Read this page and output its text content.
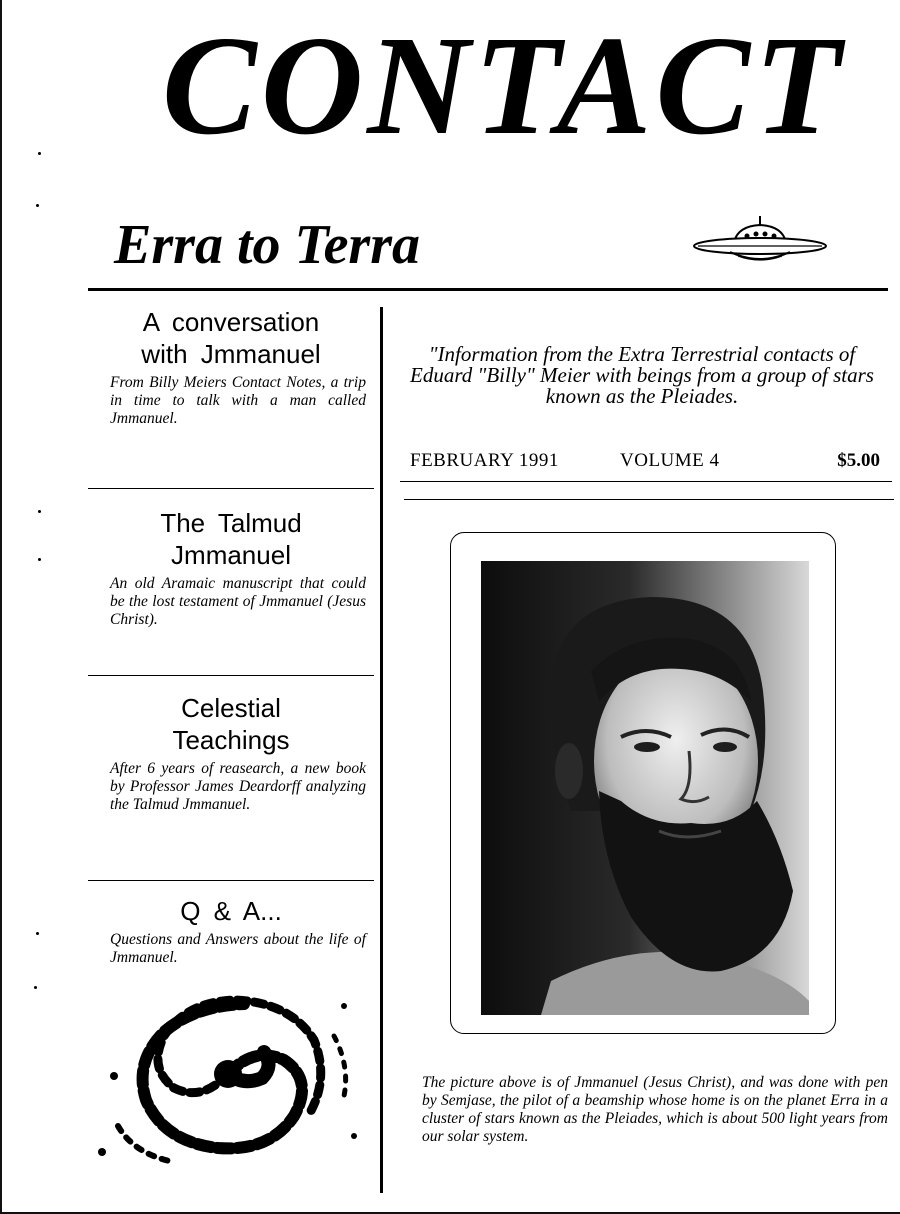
CONTACT
Erra to Terra
A conversation with Jmmanuel
From Billy Meiers Contact Notes, a trip in time to talk with a man called Jmmanuel.
The Talmud Jmmanuel
An old Aramaic manuscript that could be the lost testament of Jmmanuel (Jesus Christ).
Celestial Teachings
After 6 years of reasearch, a new book by Professor James Deardorff analyzing the Talmud Jmmanuel.
Q & A...
Questions and Answers about the life of Jmmanuel.
"Information from the Extra Terrestrial contacts of Eduard "Billy" Meier with beings from a group of stars known as the Pleiades.
FEBRUARY 1991	VOLUME 4	$5.00
The picture above is of Jmmanuel (Jesus Christ), and was done with pen by Semjase, the pilot of a beamship whose home is on the planet Erra in a cluster of stars known as the Pleiades, which is about 500 light years from our solar system.
